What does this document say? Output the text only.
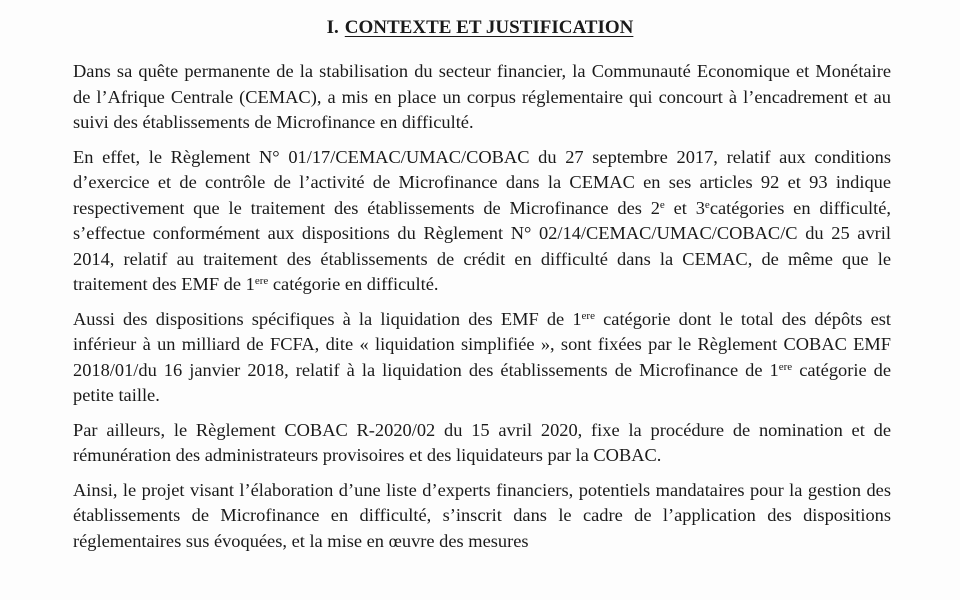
I. CONTEXTE ET JUSTIFICATION

Dans sa quête permanente de la stabilisation du secteur financier, la Communauté Economique et Monétaire de l’Afrique Centrale (CEMAC), a mis en place un corpus réglementaire qui concourt à l’encadrement et au suivi des établissements de Microfinance en difficulté.

En effet, le Règlement N° 01/17/CEMAC/UMAC/COBAC du 27 septembre 2017, relatif aux conditions d’exercice et de contrôle de l’activité de Microfinance dans la CEMAC en ses articles 92 et 93 indique respectivement que le traitement des établissements de Microfinance des 2e et 3ecatégories en difficulté, s’effectue conformément aux dispositions du Règlement N° 02/14/CEMAC/UMAC/COBAC/C du 25 avril 2014, relatif au traitement des établissements de crédit en difficulté dans la CEMAC, de même que le traitement des EMF de 1ere catégorie en difficulté.

Aussi des dispositions spécifiques à la liquidation des EMF de 1ere catégorie dont le total des dépôts est inférieur à un milliard de FCFA, dite « liquidation simplifiée », sont fixées par le Règlement COBAC EMF 2018/01/du 16 janvier 2018, relatif à la liquidation des établissements de Microfinance de 1ere catégorie de petite taille.

Par ailleurs, le Règlement COBAC R-2020/02 du 15 avril 2020, fixe la procédure de nomination et de rémunération des administrateurs provisoires et des liquidateurs par la COBAC.

Ainsi, le projet visant l’élaboration d’une liste d’experts financiers, potentiels mandataires pour la gestion des établissements de Microfinance en difficulté, s’inscrit dans le cadre de l’application des dispositions réglementaires sus évoquées, et la mise en œuvre des mesures
